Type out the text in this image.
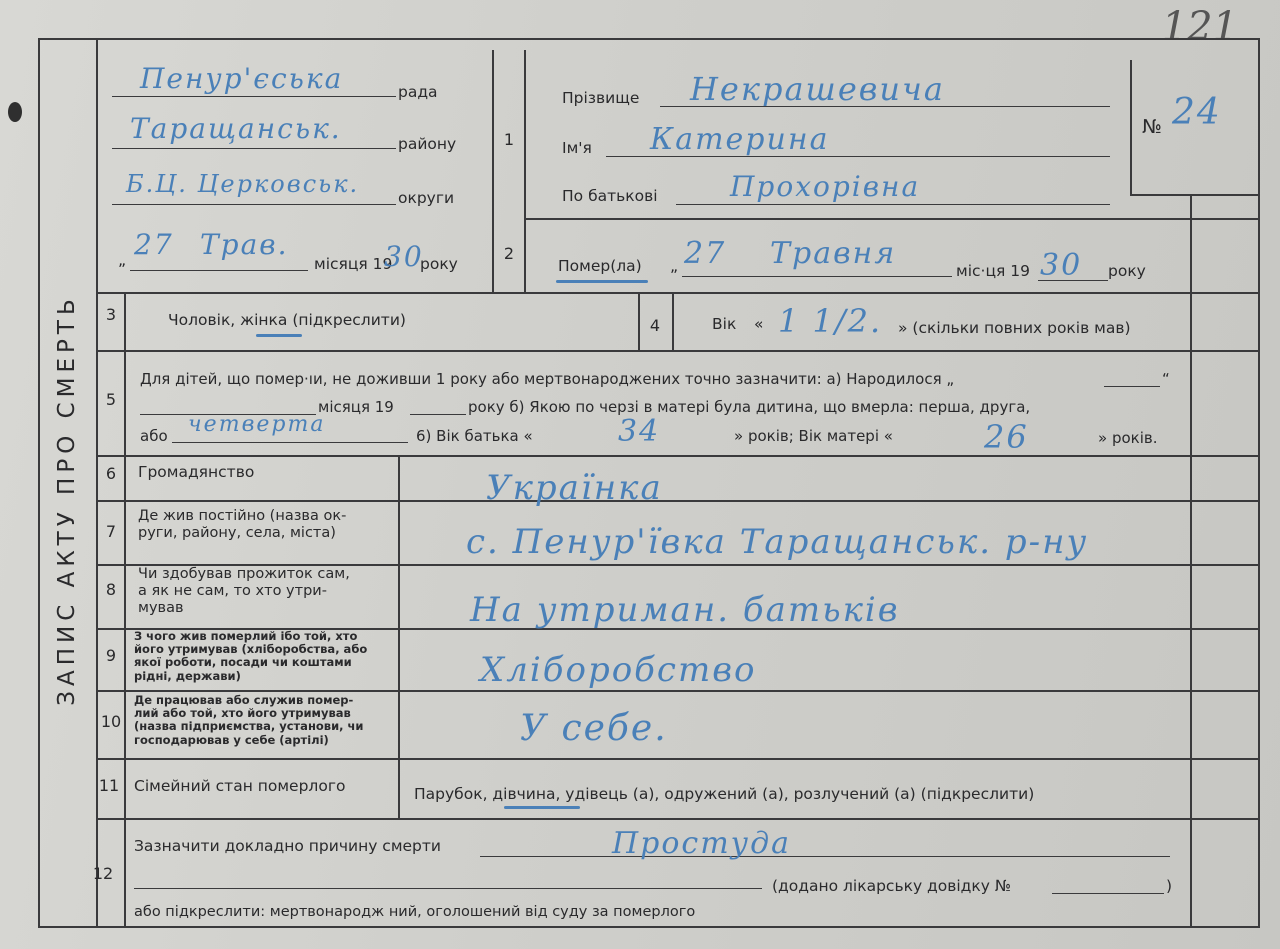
121
ЗАПИС АКТУ ПРО СМЕРТЬ
Пенур'єська	рада
Таращанськ.	району
Б.Ц. Церковськ.	округи
„ 27 Трав.
місяця 19
30
року
1
Прізвище Некрашевича
Ім'я Катерина
По батькові	Прохорівна
№ 24
2
Помер(ла) „ 27 Травня	міс·ця 19 30 року
3	Чоловік, жінка (підкреслити)	4	Вік « 1 1/2. » (скільки повних років мав)
5
Для дітей, що помер·ıи, не доживши 1 року або мертвонароджених точно зазначити: а) Народилося „	“
місяця 19	року б) Якою по черзі в матері була дитина, що вмерла: перша, друга,
або четверта	6) Вік батька «	34	» років; Вік матері «	26	» років.
6	Громадянство	Українка
7
Де жив постійно (назва ок-
руги, району, села, міста)	с. Пенур'ївка Таращанськ. р-ну
8
Чи здобував прожиток сам,
а як не сам, то хто утри-
мував	На утриман. батьків
9
З чого жив померлий ібо той, хто
його утримував (хліборобства, або
якої роботи, посади чи коштами
рідні, держави)	Хліборобство
10
Де працював або служив помер-
лий або той, хто його утримував
(назва підприємства, установи, чи
господарював у себе (артілі)	У себе.
11 Сімейний стан померлого	Парубок, дівчина, удівець (а), одружений (а), розлучений (а) (підкреслити)
12
Зазначити докладно причину смерти	Простуда
(додано лікарську довідку №	)
або підкреслити: мертвонародж ний, оголошений від суду за померлого
